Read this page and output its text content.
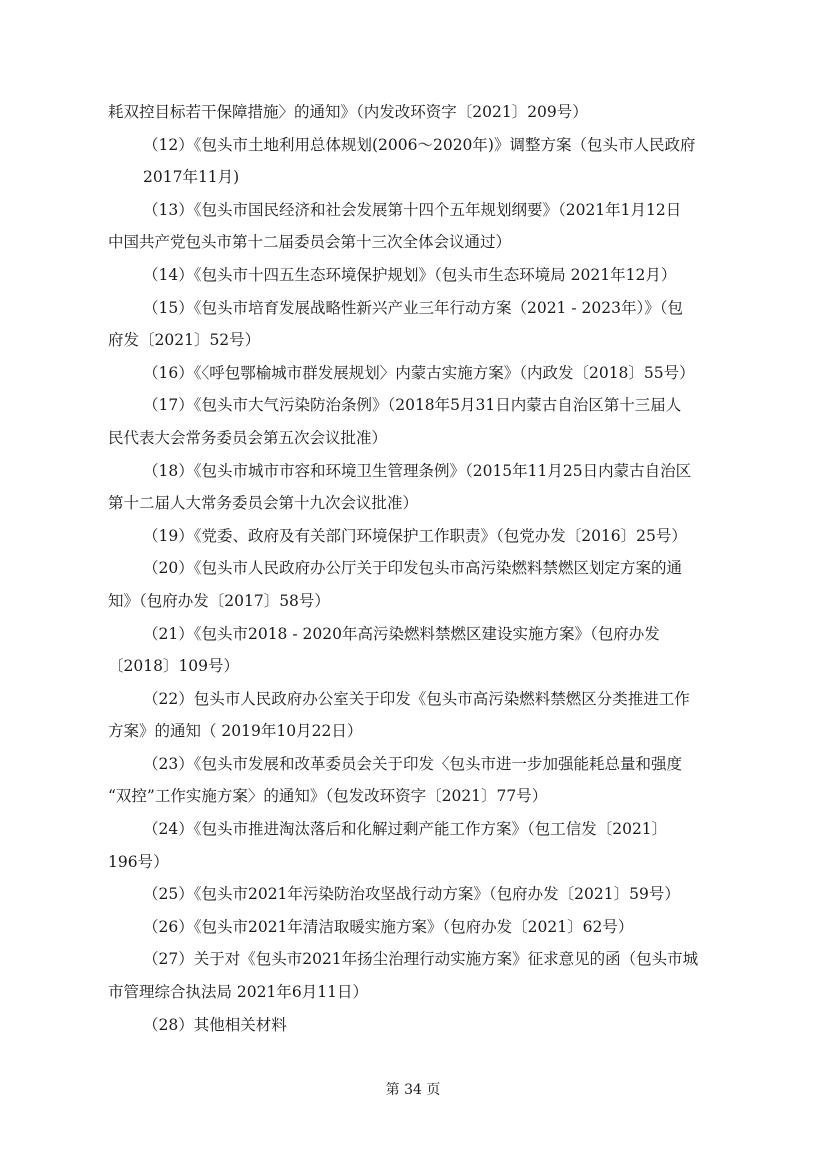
耗双控目标若干保障措施〉的通知》（内发改环资字〔2021〕209号）
（12）《包头市土地利用总体规划(2006～2020年)》调整方案（包头市人民政府
2017年11月)
（13）《包头市国民经济和社会发展第十四个五年规划纲要》（2021年1月12日
中国共产党包头市第十二届委员会第十三次全体会议通过）
（14）《包头市十四五生态环境保护规划》（包头市生态环境局 2021年12月）
（15）《包头市培育发展战略性新兴产业三年行动方案（2021 - 2023年）》（包
府发〔2021〕52号）
（16）《〈呼包鄂榆城市群发展规划〉内蒙古实施方案》（内政发〔2018〕55号）
（17）《包头市大气污染防治条例》（2018年5月31日内蒙古自治区第十三届人
民代表大会常务委员会第五次会议批准）
（18）《包头市城市市容和环境卫生管理条例》（2015年11月25日内蒙古自治区
第十二届人大常务委员会第十九次会议批准）
（19）《党委、政府及有关部门环境保护工作职责》（包党办发〔2016〕25号）
（20）《包头市人民政府办公厅关于印发包头市高污染燃料禁燃区划定方案的通
知》（包府办发〔2017〕58号）
（21）《包头市2018 - 2020年高污染燃料禁燃区建设实施方案》（包府办发
〔2018〕109号）
（22）包头市人民政府办公室关于印发《包头市高污染燃料禁燃区分类推进工作
方案》的通知（ 2019年10月22日）
（23）《包头市发展和改革委员会关于印发〈包头市进一步加强能耗总量和强度
“双控”工作实施方案〉的通知》（包发改环资字〔2021〕77号）
（24）《包头市推进淘汰落后和化解过剩产能工作方案》（包工信发〔2021〕
196号）
（25）《包头市2021年污染防治攻坚战行动方案》（包府办发〔2021〕59号）
（26）《包头市2021年清洁取暖实施方案》（包府办发〔2021〕62号）
（27）关于对《包头市2021年扬尘治理行动实施方案》征求意见的函（包头市城
市管理综合执法局 2021年6月11日）
（28）其他相关材料

第 34 页
